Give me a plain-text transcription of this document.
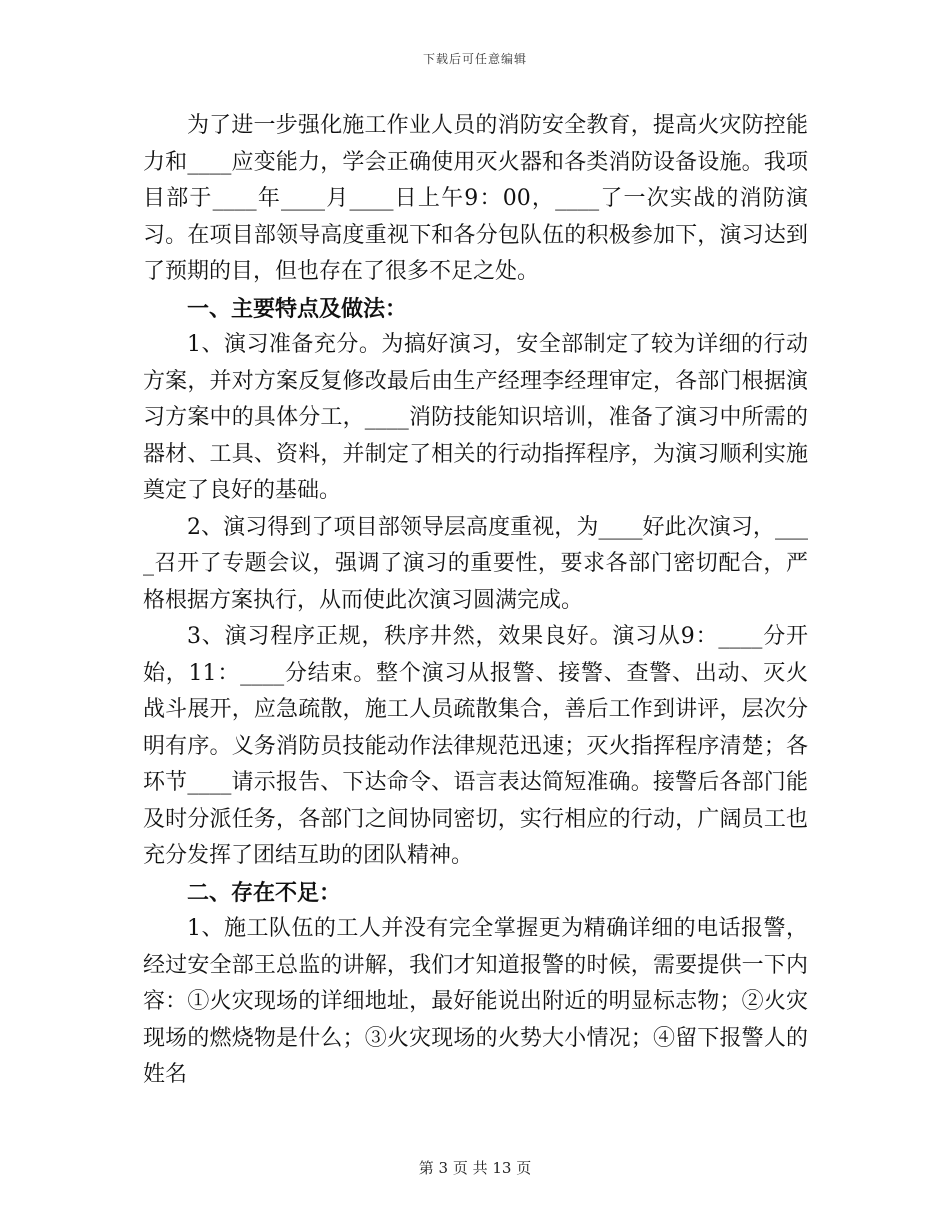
下载后可任意编辑

为了进一步强化施工作业人员的消防安全教育，提高火灾防控能力和____应变能力，学会正确使用灭火器和各类消防设备设施。我项目部于____年____月____日上午9：00，____了一次实战的消防演习。在项目部领导高度重视下和各分包队伍的积极参加下，演习达到了预期的目，但也存在了很多不足之处。

一、主要特点及做法：

1、演习准备充分。为搞好演习，安全部制定了较为详细的行动方案，并对方案反复修改最后由生产经理李经理审定，各部门根据演习方案中的具体分工，____消防技能知识培训，准备了演习中所需的器材、工具、资料，并制定了相关的行动指挥程序，为演习顺利实施奠定了良好的基础。

2、演习得到了项目部领导层高度重视，为____好此次演习，____召开了专题会议，强调了演习的重要性，要求各部门密切配合，严格根据方案执行，从而使此次演习圆满完成。

3、演习程序正规，秩序井然，效果良好。演习从9：____分开始，11：____分结束。整个演习从报警、接警、查警、出动、灭火战斗展开，应急疏散，施工人员疏散集合，善后工作到讲评，层次分明有序。义务消防员技能动作法律规范迅速；灭火指挥程序清楚；各环节____请示报告、下达命令、语言表达简短准确。接警后各部门能及时分派任务，各部门之间协同密切，实行相应的行动，广阔员工也充分发挥了团结互助的团队精神。

二、存在不足：

1、施工队伍的工人并没有完全掌握更为精确详细的电话报警，经过安全部王总监的讲解，我们才知道报警的时候，需要提供一下内容：①火灾现场的详细地址，最好能说出附近的明显标志物；②火灾现场的燃烧物是什么；③火灾现场的火势大小情况；④留下报警人的姓名

第 3 页 共 13 页
